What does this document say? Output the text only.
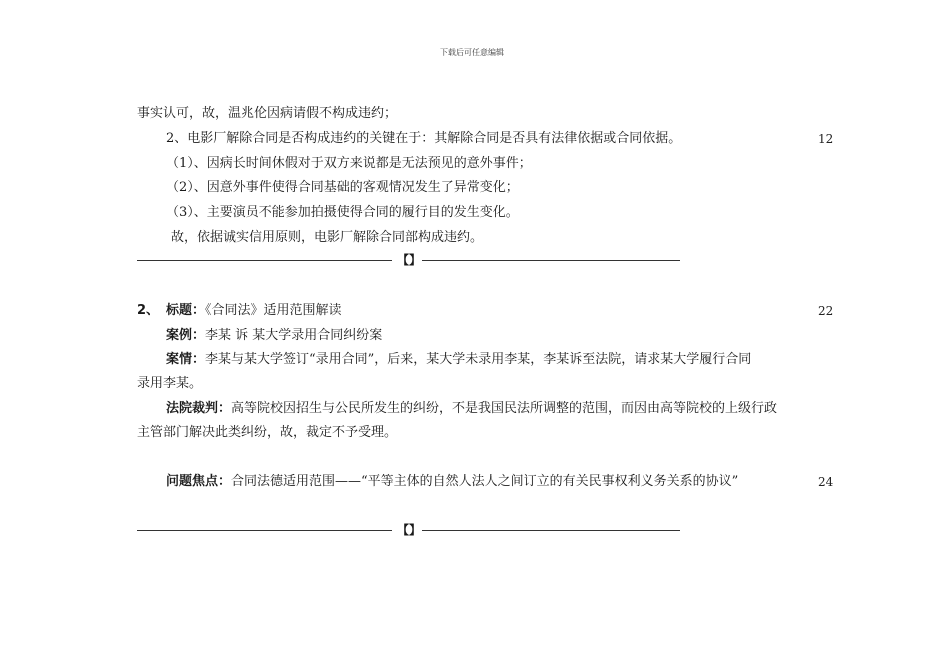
下载后可任意编辑
事实认可，故，温兆伦因病请假不构成违约；
2、电影厂解除合同是否构成违约的关键在于：其解除合同是否具有法律依据或合同依据。	12
（1）、因病长时间休假对于双方来说都是无法预见的意外事件；
（2）、因意外事件使得合同基础的客观情况发生了异常变化；
（3）、主要演员不能参加拍摄使得合同的履行目的发生变化。
故，依据诚实信用原则，电影厂解除合同部构成违约。
【】
2、 标题：《合同法》适用范围解读	22
案例：李某 诉 某大学录用合同纠纷案
案情：李某与某大学签订“录用合同”，后来，某大学未录用李某，李某诉至法院，请求某大学履行合同
录用李某。
法院裁判：高等院校因招生与公民所发生的纠纷，不是我国民法所调整的范围，而因由高等院校的上级行政
主管部门解决此类纠纷，故，裁定不予受理。
问题焦点：合同法德适用范围——“平等主体的自然人法人之间订立的有关民事权利义务关系的协议”	24
【】
